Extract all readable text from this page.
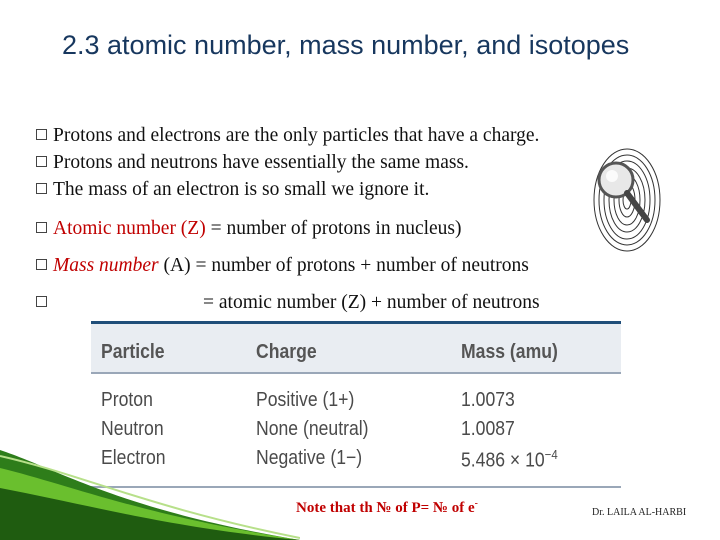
2.3 atomic number, mass number, and isotopes
Protons and electrons are the only particles that have a charge.
Protons and neutrons have essentially the same mass.
The mass of an electron is so small we ignore it.
Atomic number (Z) = number of protons in nucleus)
Mass number (A) = number of protons + number of neutrons
= atomic number (Z) + number of neutrons
Particle	Charge	Mass (amu)
Proton	Positive (1+)	1.0073
Neutron	None (neutral)	1.0087
Electron	Negative (1−)	$5.486 \times 10^{-4}$
Note that th № of P= № of e-
Dr. LAILA AL-HARBI
